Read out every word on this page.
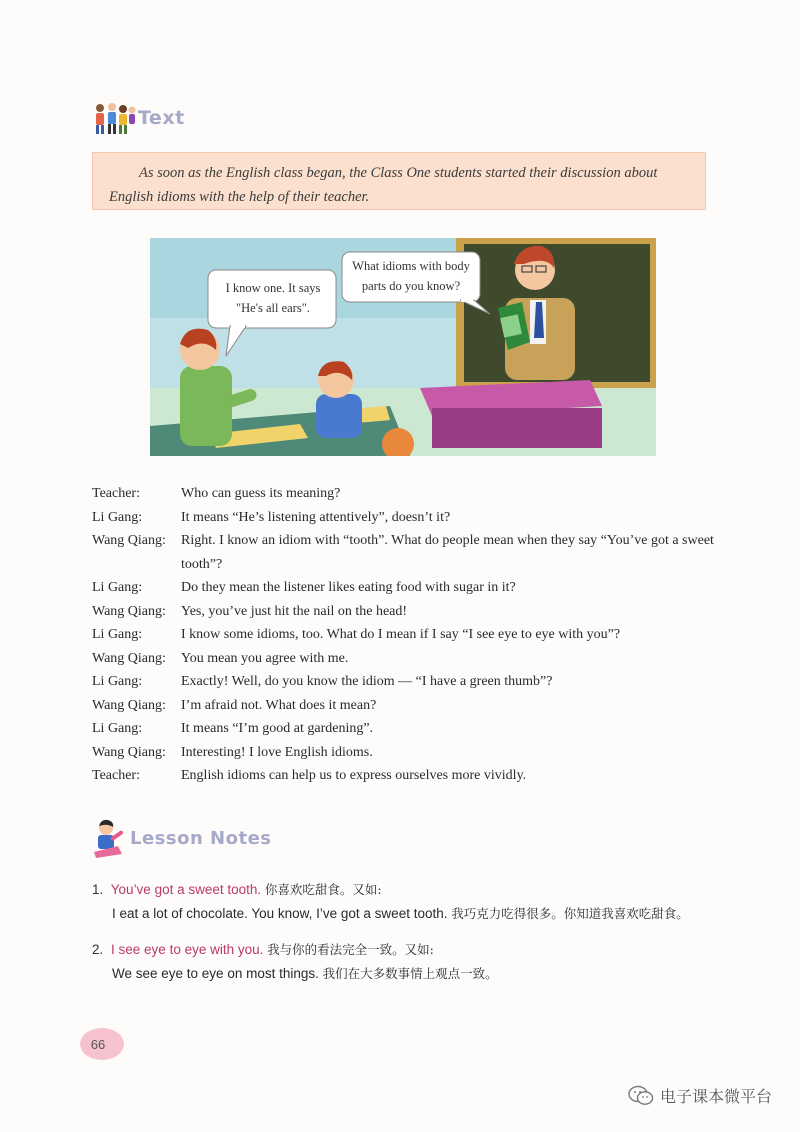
Text
As soon as the English class began, the Class One students started their discussion about English idioms with the help of their teacher.
I know one. It says "He's all ears".
What idioms with body parts do you know?
Teacher:	Who can guess its meaning?
Li Gang:	It means “He’s listening attentively”, doesn’t it?
Wang Qiang:	Right. I know an idiom with “tooth”. What do people mean when they say “You’ve got a sweet tooth”?
Li Gang:	Do they mean the listener likes eating food with sugar in it?
Wang Qiang:	Yes, you’ve just hit the nail on the head!
Li Gang:	I know some idioms, too. What do I mean if I say “I see eye to eye with you”?
Wang Qiang:	You mean you agree with me.
Li Gang:	Exactly! Well, do you know the idiom — “I have a green thumb”?
Wang Qiang:	I’m afraid not. What does it mean?
Li Gang:	It means “I’m good at gardening”.
Wang Qiang:	Interesting! I love English idioms.
Teacher:	English idioms can help us to express ourselves more vividly.
Lesson Notes
1. You’ve got a sweet tooth. 你喜欢吃甜食。又如:
I eat a lot of chocolate. You know, I’ve got a sweet tooth. 我巧克力吃得很多。你知道我喜欢吃甜食。
2. I see eye to eye with you. 我与你的看法完全一致。又如:
We see eye to eye on most things. 我们在大多数事情上观点一致。
66
电子课本微平台
